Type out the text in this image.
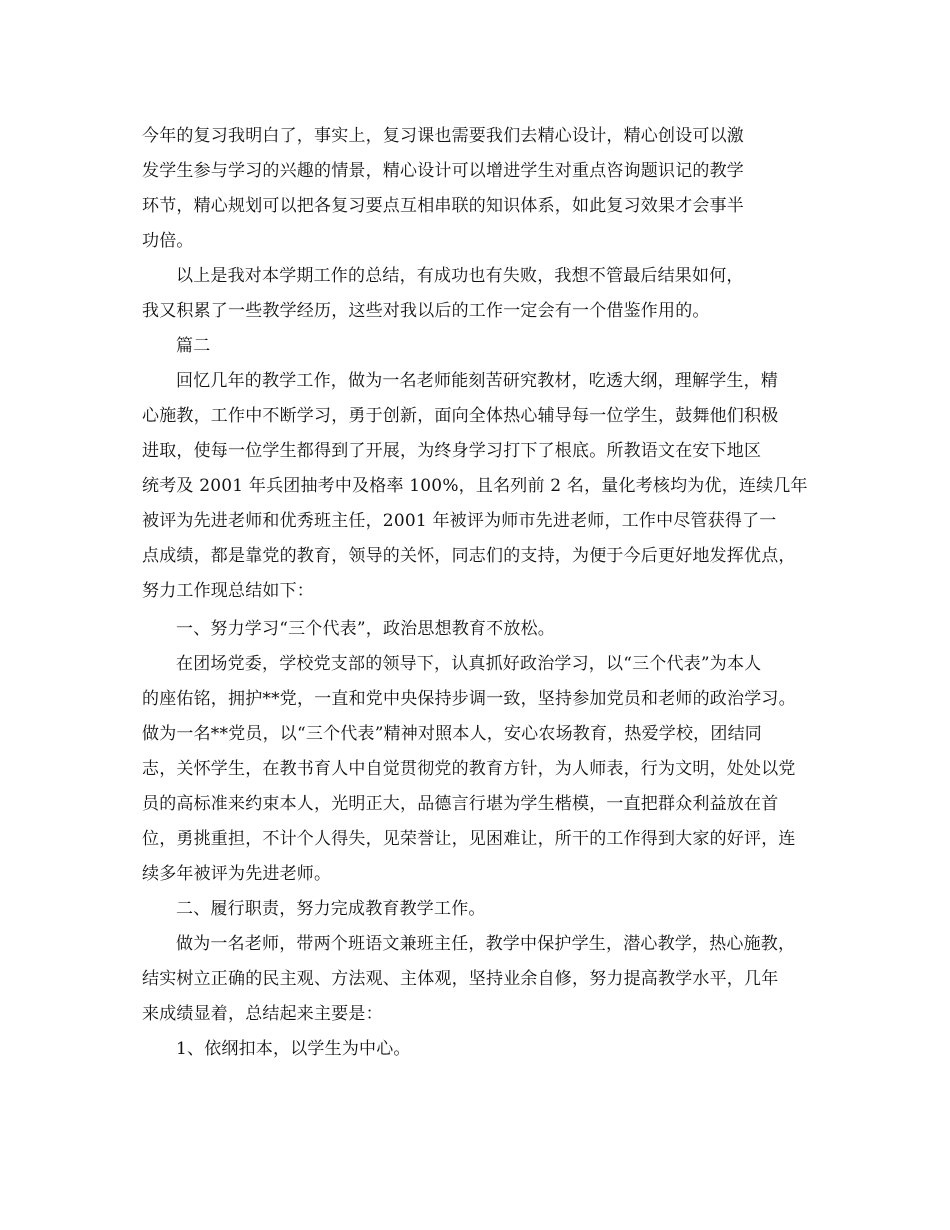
今年的复习我明白了，事实上，复习课也需要我们去精心设计，精心创设可以激

发学生参与学习的兴趣的情景，精心设计可以增进学生对重点咨询题识记的教学

环节，精心规划可以把各复习要点互相串联的知识体系，如此复习效果才会事半

功倍。

以上是我对本学期工作的总结，有成功也有失败，我想不管最后结果如何，

我又积累了一些教学经历，这些对我以后的工作一定会有一个借鉴作用的。

篇二

回忆几年的教学工作，做为一名老师能刻苦研究教材，吃透大纲，理解学生，精

心施教，工作中不断学习，勇于创新，面向全体热心辅导每一位学生，鼓舞他们积极

进取，使每一位学生都得到了开展，为终身学习打下了根底。所教语文在安下地区

统考及 2001 年兵团抽考中及格率 100%，且名列前 2 名，量化考核均为优，连续几年

被评为先进老师和优秀班主任，2001 年被评为师市先进老师，工作中尽管获得了一

点成绩，都是靠党的教育，领导的关怀，同志们的支持，为便于今后更好地发挥优点，

努力工作现总结如下：

一、努力学习“三个代表”，政治思想教育不放松。

在团场党委，学校党支部的领导下，认真抓好政治学习，以“三个代表”为本人

的座佑铭，拥护**党，一直和党中央保持步调一致，坚持参加党员和老师的政治学习。

做为一名**党员，以“三个代表”精神对照本人，安心农场教育，热爱学校，团结同

志，关怀学生，在教书育人中自觉贯彻党的教育方针，为人师表，行为文明，处处以党

员的高标准来约束本人，光明正大，品德言行堪为学生楷模，一直把群众利益放在首

位，勇挑重担，不计个人得失，见荣誉让，见困难让，所干的工作得到大家的好评，连

续多年被评为先进老师。

二、履行职责，努力完成教育教学工作。

做为一名老师，带两个班语文兼班主任，教学中保护学生，潜心教学，热心施教，

结实树立正确的民主观、方法观、主体观，坚持业余自修，努力提高教学水平，几年

来成绩显着，总结起来主要是：

1、依纲扣本，以学生为中心。
